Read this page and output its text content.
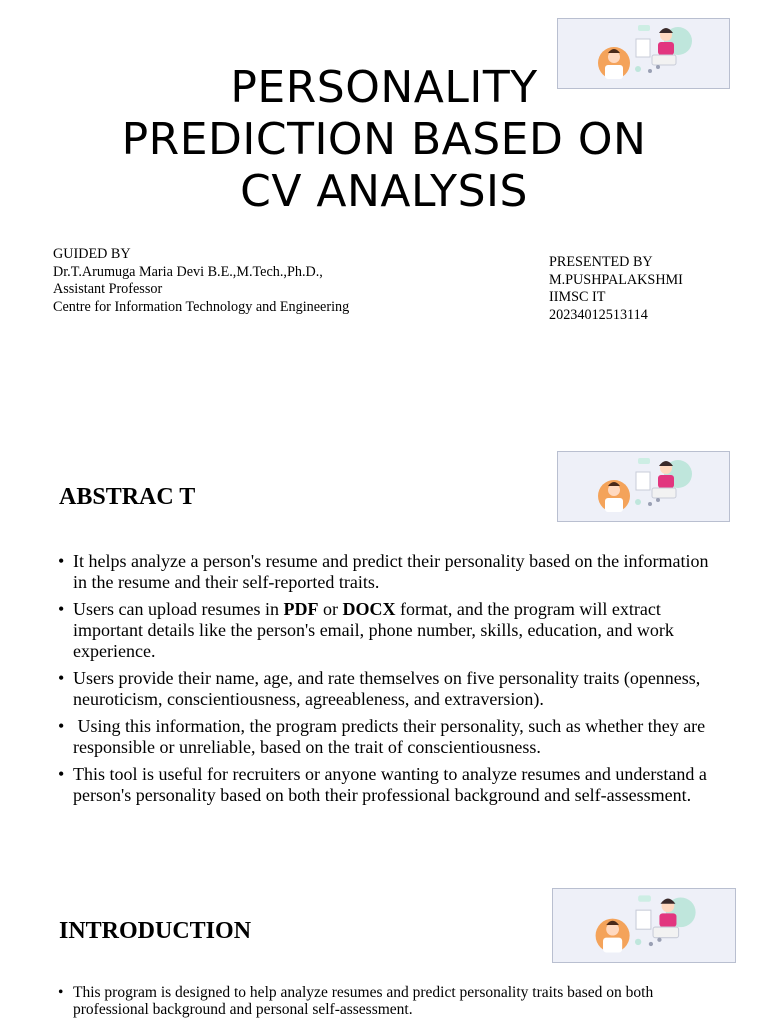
PERSONALITY
PREDICTION BASED ON
CV ANALYSIS
GUIDED BY
Dr.T.Arumuga Maria Devi B.E.,M.Tech.,Ph.D.,
Assistant Professor
Centre for Information Technology and Engineering
PRESENTED BY
M.PUSHPALAKSHMI
IIMSC IT
20234012513114
ABSTRAC T
• It helps analyze a person's resume and predict their personality based on the information in the resume and their self-reported traits.
• Users can upload resumes in PDF or DOCX format, and the program will extract important details like the person's email, phone number, skills, education, and work experience.
• Users provide their name, age, and rate themselves on five personality traits (openness, neuroticism, conscientiousness, agreeableness, and extraversion).
• Using this information, the program predicts their personality, such as whether they are responsible or unreliable, based on the trait of conscientiousness.
• This tool is useful for recruiters or anyone wanting to analyze resumes and understand a person's personality based on both their professional background and self-assessment.
INTRODUCTION
• This program is designed to help analyze resumes and predict personality traits based on both professional background and personal self-assessment.
